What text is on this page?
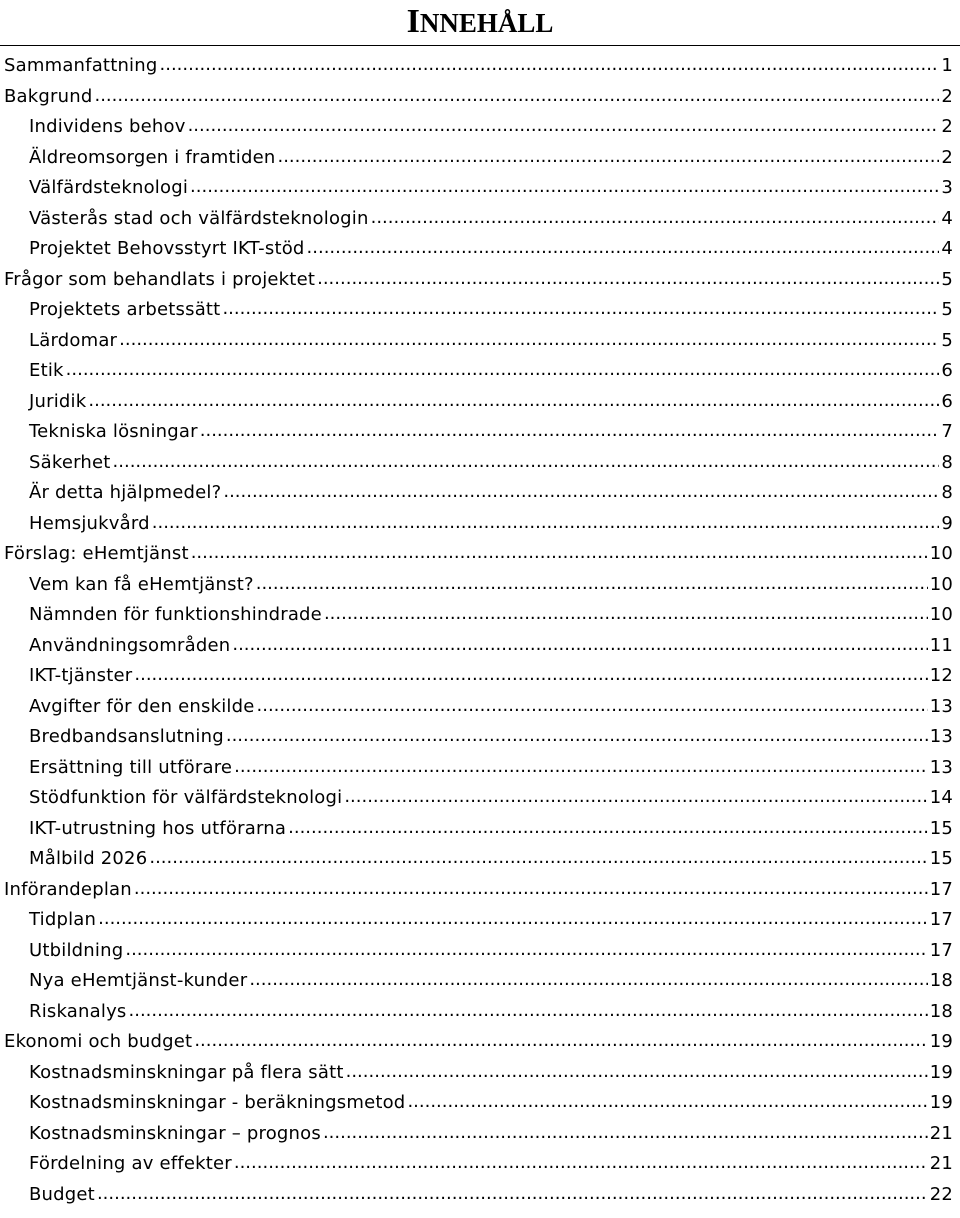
INNEHÅLL
Sammanfattning .....	1
Bakgrund .....	2
Individens behov .....	2
Äldreomsorgen i framtiden .....	2
Välfärdsteknologi .....	3
Västerås stad och välfärdsteknologin .....	4
Projektet Behovsstyrt IKT-stöd .....	4
Frågor som behandlats i projektet .....	5
Projektets arbetssätt .....	5
Lärdomar .....	5
Etik .....	6
Juridik .....	6
Tekniska lösningar .....	7
Säkerhet .....	8
Är detta hjälpmedel? .....	8
Hemsjukvård .....	9
Förslag: eHemtjänst .....	10
Vem kan få eHemtjänst? .....	10
Nämnden för funktionshindrade .....	10
Användningsområden .....	11
IKT-tjänster .....	12
Avgifter för den enskilde .....	13
Bredbandsanslutning .....	13
Ersättning till utförare .....	13
Stödfunktion för välfärdsteknologi .....	14
IKT-utrustning hos utförarna .....	15
Målbild 2026 .....	15
Införandeplan .....	17
Tidplan .....	17
Utbildning .....	17
Nya eHemtjänst-kunder .....	18
Riskanalys .....	18
Ekonomi och budget .....	19
Kostnadsminskningar på flera sätt .....	19
Kostnadsminskningar - beräkningsmetod .....	19
Kostnadsminskningar – prognos .....	21
Fördelning av effekter .....	21
Budget .....	22
